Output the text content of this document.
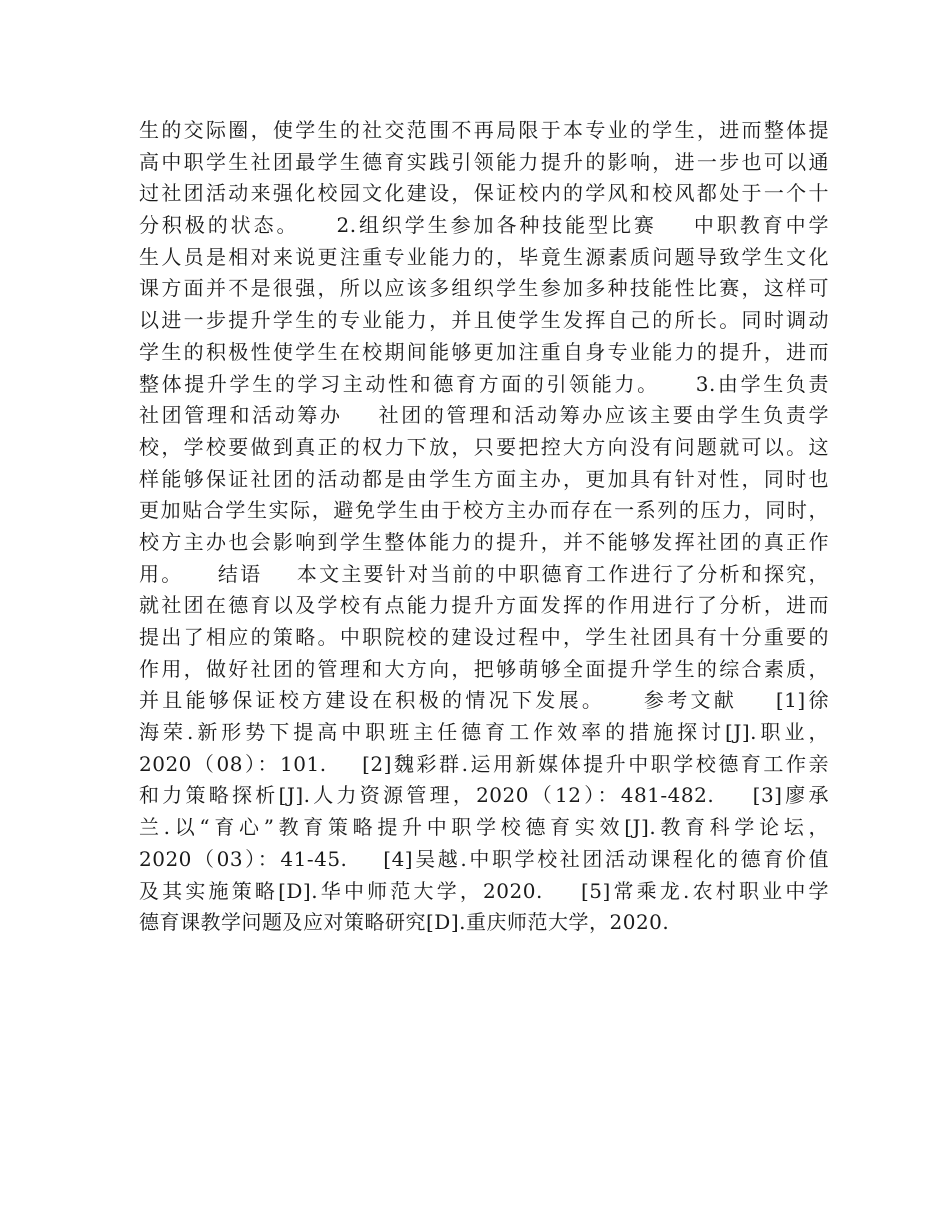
生的交际圈，使学生的社交范围不再局限于本专业的学生，进而整体提
高中职学生社团最学生德育实践引领能力提升的影响，进一步也可以通
过社团活动来强化校园文化建设，保证校内的学风和校风都处于一个十
分积极的状态。    2.组织学生参加各种技能型比赛    中职教育中学
生人员是相对来说更注重专业能力的，毕竟生源素质问题导致学生文化
课方面并不是很强，所以应该多组织学生参加多种技能性比赛，这样可
以进一步提升学生的专业能力，并且使学生发挥自己的所长。同时调动
学生的积极性使学生在校期间能够更加注重自身专业能力的提升，进而
整体提升学生的学习主动性和德育方面的引领能力。    3.由学生负责
社团管理和活动筹办    社团的管理和活动筹办应该主要由学生负责学
校，学校要做到真正的权力下放，只要把控大方向没有问题就可以。这
样能够保证社团的活动都是由学生方面主办，更加具有针对性，同时也
更加贴合学生实际，避免学生由于校方主办而存在一系列的压力，同时，
校方主办也会影响到学生整体能力的提升，并不能够发挥社团的真正作
用。    结语    本文主要针对当前的中职德育工作进行了分析和探究，
就社团在德育以及学校有点能力提升方面发挥的作用进行了分析，进而
提出了相应的策略。中职院校的建设过程中，学生社团具有十分重要的
作用，做好社团的管理和大方向，把够萌够全面提升学生的综合素质，
并且能够保证校方建设在积极的情况下发展。    参考文献    [1]徐
海荣.新形势下提高中职班主任德育工作效率的措施探讨[J].职业，
2020（08）：101.    [2]魏彩群.运用新媒体提升中职学校德育工作亲
和力策略探析[J].人力资源管理，2020（12）：481-482.    [3]廖承
兰.以“育心”教育策略提升中职学校德育实效[J].教育科学论坛，
2020（03）：41-45.    [4]吴越.中职学校社团活动课程化的德育价值
及其实施策略[D].华中师范大学，2020.    [5]常乘龙.农村职业中学
德育课教学问题及应对策略研究[D].重庆师范大学，2020.
